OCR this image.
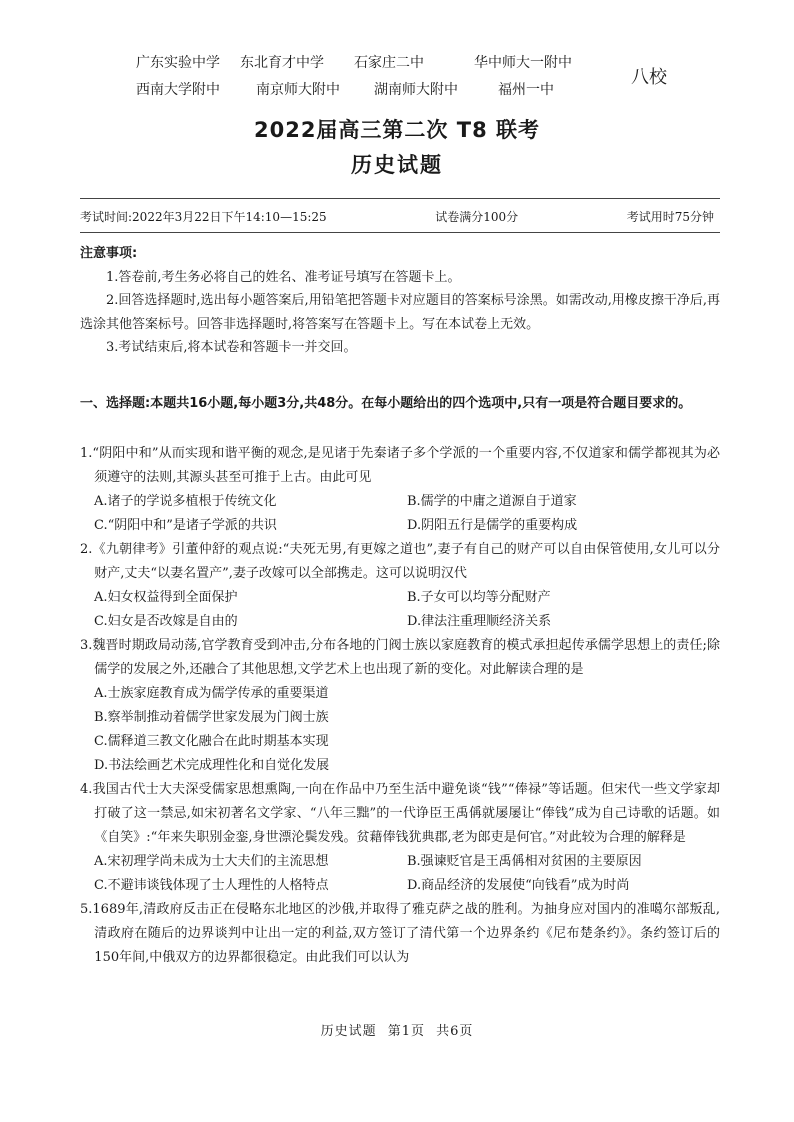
广东实验中学	东北育才中学	石家庄二中	华中师大一附中
西南大学附中	南京师大附中	湖南师大附中	福州一中
八校
2022届高三第二次 T8 联考
历史试题
考试时间:2022年3月22日下午14:10—15:25	试卷满分100分	考试用时75分钟
注意事项:
1.答卷前,考生务必将自己的姓名、准考证号填写在答题卡上。
2.回答选择题时,选出每小题答案后,用铅笔把答题卡对应题目的答案标号涂黑。如需改动,用橡皮擦干净后,再选涂其他答案标号。回答非选择题时,将答案写在答题卡上。写在本试卷上无效。
3.考试结束后,将本试卷和答题卡一并交回。
一、选择题:本题共16小题,每小题3分,共48分。在每小题给出的四个选项中,只有一项是符合题目要求的。
1.“阴阳中和”从而实现和谐平衡的观念,是见诸于先秦诸子多个学派的一个重要内容,不仅道家和儒学都视其为必须遵守的法则,其源头甚至可推于上古。由此可见
A.诸子的学说多植根于传统文化	B.儒学的中庸之道源自于道家
C.“阴阳中和”是诸子学派的共识	D.阴阳五行是儒学的重要构成
2.《九朝律考》引董仲舒的观点说:“夫死无男,有更嫁之道也”,妻子有自己的财产可以自由保管使用,女儿可以分财产,丈夫“以妻名置产”,妻子改嫁可以全部携走。这可以说明汉代
A.妇女权益得到全面保护	B.子女可以均等分配财产
C.妇女是否改嫁是自由的	D.律法注重理顺经济关系
3.魏晋时期政局动荡,官学教育受到冲击,分布各地的门阀士族以家庭教育的模式承担起传承儒学思想上的责任;除儒学的发展之外,还融合了其他思想,文学艺术上也出现了新的变化。对此解读合理的是
A.士族家庭教育成为儒学传承的重要渠道
B.察举制推动着儒学世家发展为门阀士族
C.儒释道三教文化融合在此时期基本实现
D.书法绘画艺术完成理性化和自觉化发展
4.我国古代士大夫深受儒家思想熏陶,一向在作品中乃至生活中避免谈“钱”“俸禄”等话题。但宋代一些文学家却打破了这一禁忌,如宋初著名文学家、“八年三黜”的一代诤臣王禹偁就屡屡让“俸钱”成为自己诗歌的话题。如《自笑》:“年来失职别金銮,身世漂沦鬓发残。贫藉俸钱犹典郡,老为郎吏是何官。”对此较为合理的解释是
A.宋初理学尚未成为士大夫们的主流思想	B.强谏贬官是王禹偁相对贫困的主要原因
C.不避讳谈钱体现了士人理性的人格特点	D.商品经济的发展使“向钱看”成为时尚
5.1689年,清政府反击正在侵略东北地区的沙俄,并取得了雅克萨之战的胜利。为抽身应对国内的准噶尔部叛乱,清政府在随后的边界谈判中让出一定的利益,双方签订了清代第一个边界条约《尼布楚条约》。条约签订后的150年间,中俄双方的边界都很稳定。由此我们可以认为
历史试题 第1页 共6页
